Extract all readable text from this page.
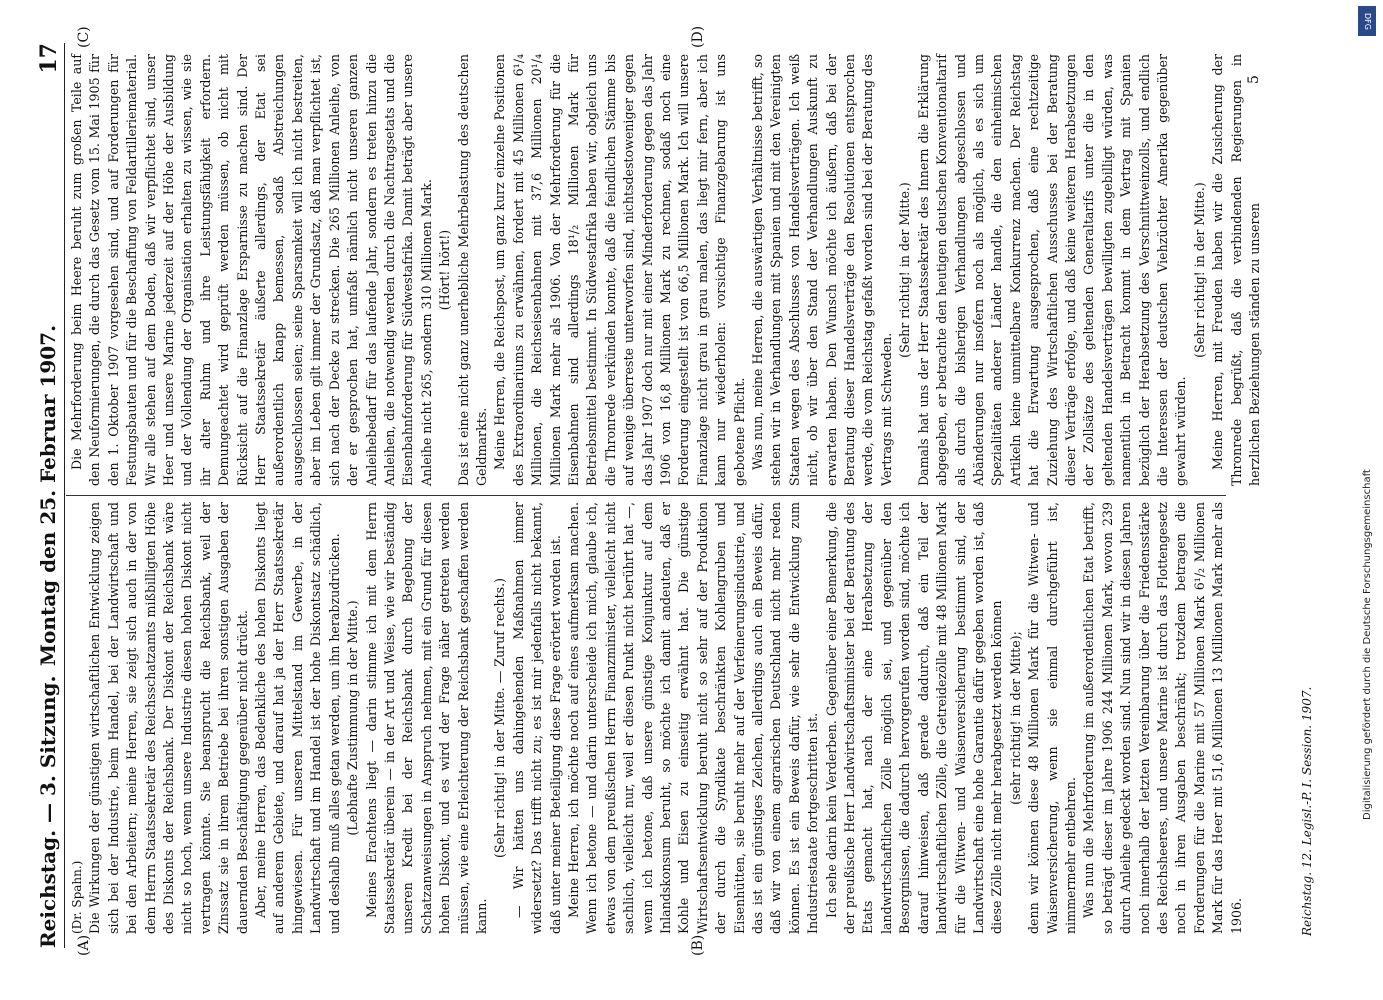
Reichstag. — 3. Sitzung.
Montag den 25. Februar 1907.
17
(A)	(B)
(C)	(D)

(Dr. Spahn.) Die Wirkungen der günstigen wirtschaftlichen Entwicklung zeigen sich bei der Industrie, beim Handel, bei der Landwirtschaft und bei den Arbeitern; meine Herren, sie zeigt sich auch in der von dem Herrn Staatssekretär des Reichsschatzamts mißbilligten Höhe des Diskonts der Reichsbank. Der Diskont der Reichsbank wäre nicht so hoch, wenn unsere Industrie diesen hohen Diskont nicht vertragen könnte. Sie beansprucht die Reichsbank, weil der Zinssatz sie in ihrem Betriebe bei ihren sonstigen Ausgaben der dauernden Beschäftigung gegenüber nicht drückt. Aber, meine Herren, das Bedenkliche des hohen Diskonts liegt auf anderem Gebiete, und darauf hat ja der Herr Staatssekretär hingewiesen. Für unseren Mittelstand im Gewerbe, in der Landwirtschaft und im Handel ist der hohe Diskontsatz schädlich, und deshalb muß alles getan werden, um ihn herabzudrücken. (Lebhafte Zustimmung in der Mitte.) Meines Erachtens liegt — darin stimme ich mit dem Herrn Staatssekretär überein — in der Art und Weise, wie wir beständig unseren Kredit bei der Reichsbank durch Begebung der Schatzanweisungen in Anspruch nehmen, mit ein Grund für diesen hohen Diskont, und es wird der Frage näher getreten werden müssen, wie eine Erleichterung der Reichsbank geschaffen werden kann.

(Sehr richtig! in der Mitte. — Zuruf rechts.) — Wir hätten uns dahingehenden Maßnahmen immer widersetzt? Das trifft nicht zu; es ist mir jedenfalls nicht bekannt, daß unter meiner Beteiligung diese Frage erörtert worden ist. Meine Herren, ich möchte noch auf eines aufmerksam machen. Wenn ich betone — und darin unterscheide ich mich, glaube ich, etwas von dem preußischen Herrn Finanzminister, vielleicht nicht sachlich, vielleicht nur, weil er diesen Punkt nicht berührt hat —, wenn ich betone, daß unsere günstige Konjunktur auf dem Inlandskonsum beruht, so möchte ich damit andeuten, daß er Kohle und Eisen zu einseitig erwähnt hat. Die günstige Wirtschaftsentwicklung beruht nicht so sehr auf der Produktion der durch die Syndikate beschränkten Kohlengruben und Eisenhütten, sie beruht mehr auf der Verfeinerungsindustrie, und das ist ein günstiges Zeichen, allerdings auch ein Beweis dafür, daß wir von einem agrarischen Deutschland nicht mehr reden können. Es ist ein Beweis dafür, wie sehr die Entwicklung zum Industriestaate fortgeschritten ist. Ich sehe darin kein Verderben. Gegenüber einer Bemerkung, die der preußische Herr Landwirtschaftsminister bei der Beratung des Etats gemacht hat, nach der eine Herabsetzung der landwirtschaftlichen Zölle möglich sei, und gegenüber den Besorgnissen, die dadurch hervorgerufen worden sind, möchte ich darauf hinweisen, daß gerade dadurch, daß ein Teil der landwirtschaftlichen Zölle, die Getreidezölle mit 48 Millionen Mark für die Witwen- und Waisenversicherung bestimmt sind, der Landwirtschaft eine hohe Garantie dafür gegeben worden ist, daß diese Zölle nicht mehr herabgesetzt werden können (sehr richtig! in der Mitte); denn wir können diese 48 Millionen Mark für die Witwen- und Waisenversicherung, wenn sie einmal durchgeführt ist, nimmermehr entbehren. Was nun die Mehrforderung im außerordentlichen Etat betrifft, so beträgt dieser im Jahre 1906 244 Millionen Mark, wovon 239 durch Anleihe gedeckt worden sind. Nun sind wir in diesen Jahren noch innerhalb der letzten Vereinbarung über die Friedensstärke des Reichsheeres, und unsere Marine ist durch das Flottengesetz noch in ihren Ausgaben beschränkt; trotzdem betragen die Forderungen für die Marine mit 57 Millionen Mark 6¹/₂ Millionen Mark für das Heer mit 51,6 Millionen 13 Millionen Mark mehr als 1906.

Die Mehrforderung beim Heere beruht zum großen Teile auf den Neuformierungen, die durch das Gesetz vom 15. Mai 1905 für den 1. Oktober 1907 vorgesehen sind, und auf Forderungen für Festungsbauten und für die Beschaffung von Feldartilleriematerial. Wir alle stehen auf dem Boden, daß wir verpflichtet sind, unser Heer und unsere Marine jederzeit auf der Höhe der Ausbildung und der Vollendung der Organisation erhalten zu wissen, wie sie ihr alter Ruhm und ihre Leistungsfähigkeit erfordern. Demungeachtet wird geprüft werden müssen, ob nicht mit Rücksicht auf die Finanzlage Ersparnisse zu machen sind. Der Herr Staatssekretär äußerte allerdings, der Etat sei außerordentlich knapp bemessen, sodaß Abstreichungen ausgeschlossen seien; seine Sparsamkeit will ich nicht bestreiten, aber im Leben gilt immer der Grundsatz, daß man verpflichtet ist, sich nach der Decke zu strecken. Die 265 Millionen Anleihe, von der er gesprochen hat, umfaßt nämlich nicht unseren ganzen Anleihebedarf für das laufende Jahr, sondern es treten hinzu die Anleihen, die notwendig werden durch die Nachtragsetats und die Eisenbahnforderung für Südwestafrika. Damit beträgt aber unsere Anleihe nicht 265, sondern 310 Millionen Mark. (Hört! hört!) Das ist eine nicht ganz unerhebliche Mehrbelastung des deutschen Geldmarkts. Meine Herren, die Reichspost, um ganz kurz einzelne Positionen des Extraordinariums zu erwähnen, fordert mit 45 Millionen 6¹/₄ Millionen, die Reichseisenbahnen mit 37,6 Millionen 20¹/₄ Millionen Mark mehr als 1906. Von der Mehrforderung für die Eisenbahnen sind allerdings 18¹/₂ Millionen Mark für Betriebsmittel bestimmt. In Südwestafrika haben wir, obgleich uns die Thronrede verkünden konnte, daß die feindlichen Stämme bis auf wenige überreste unterworfen sind, nichtsdestoweniger gegen das Jahr 1907 doch nur mit einer Minderforderung gegen das Jahr 1906 von 16,8 Millionen Mark zu rechnen, sodaß noch eine Forderung eingestellt ist von 66,5 Millionen Mark. Ich will unsere Finanzlage nicht grau in grau malen, das liegt mir fern, aber ich kann nur wiederholen: vorsichtige Finanzgebarung ist uns gebotene Pflicht. Was nun, meine Herren, die auswärtigen Verhältnisse betrifft, so stehen wir in Verhandlungen mit Spanien und mit den Vereinigten Staaten wegen des Abschlusses von Handelsverträgen. Ich weiß nicht, ob wir über den Stand der Verhandlungen Auskunft zu erwarten haben. Den Wunsch möchte ich äußern, daß bei der Beratung dieser Handelsverträge den Resolutionen entsprochen werde, die vom Reichstag gefaßt worden sind bei der Beratung des Vertrags mit Schweden.

(Sehr richtig! in der Mitte.) Damals hat uns der Herr Staatssekretär des Innern die Erklärung abgegeben, er betrachte den heutigen deutschen Konventionaltarif als durch die bisherigen Verhandlungen abgeschlossen und Abänderungen nur insofern noch als möglich, als es sich um Spezialitäten anderer Länder handle, die den einheimischen Artikeln keine unmittelbare Konkurrenz machen. Der Reichstag hat die Erwartung ausgesprochen, daß eine rechtzeitige Zuziehung des Wirtschaftlichen Ausschusses bei der Beratung dieser Verträge erfolge, und daß keine weiteren Herabsetzungen der Zollsätze des geltenden Generaltarifs unter die in den geltenden Handelsverträgen bewilligten zugebilligt würden, was namentlich in Betracht kommt in dem Vertrag mit Spanien bezüglich der Herabsetzung des Verschnittweinzolls, und endlich die Interessen der deutschen Viehzüchter Amerika gegenüber gewahrt würden.

(Sehr richtig! in der Mitte.) Meine Herren, mit Freuden haben wir die Zusicherung der Thronrede begrüßt, daß die verbindenden Regierungen in herzlichen Beziehungen ständen zu unseren

5
Reichstag. 12. Legisl.-P. I. Session. 1907.
DFG
Digitalisierung gefördert durch die Deutsche Forschungsgemeinschaft
